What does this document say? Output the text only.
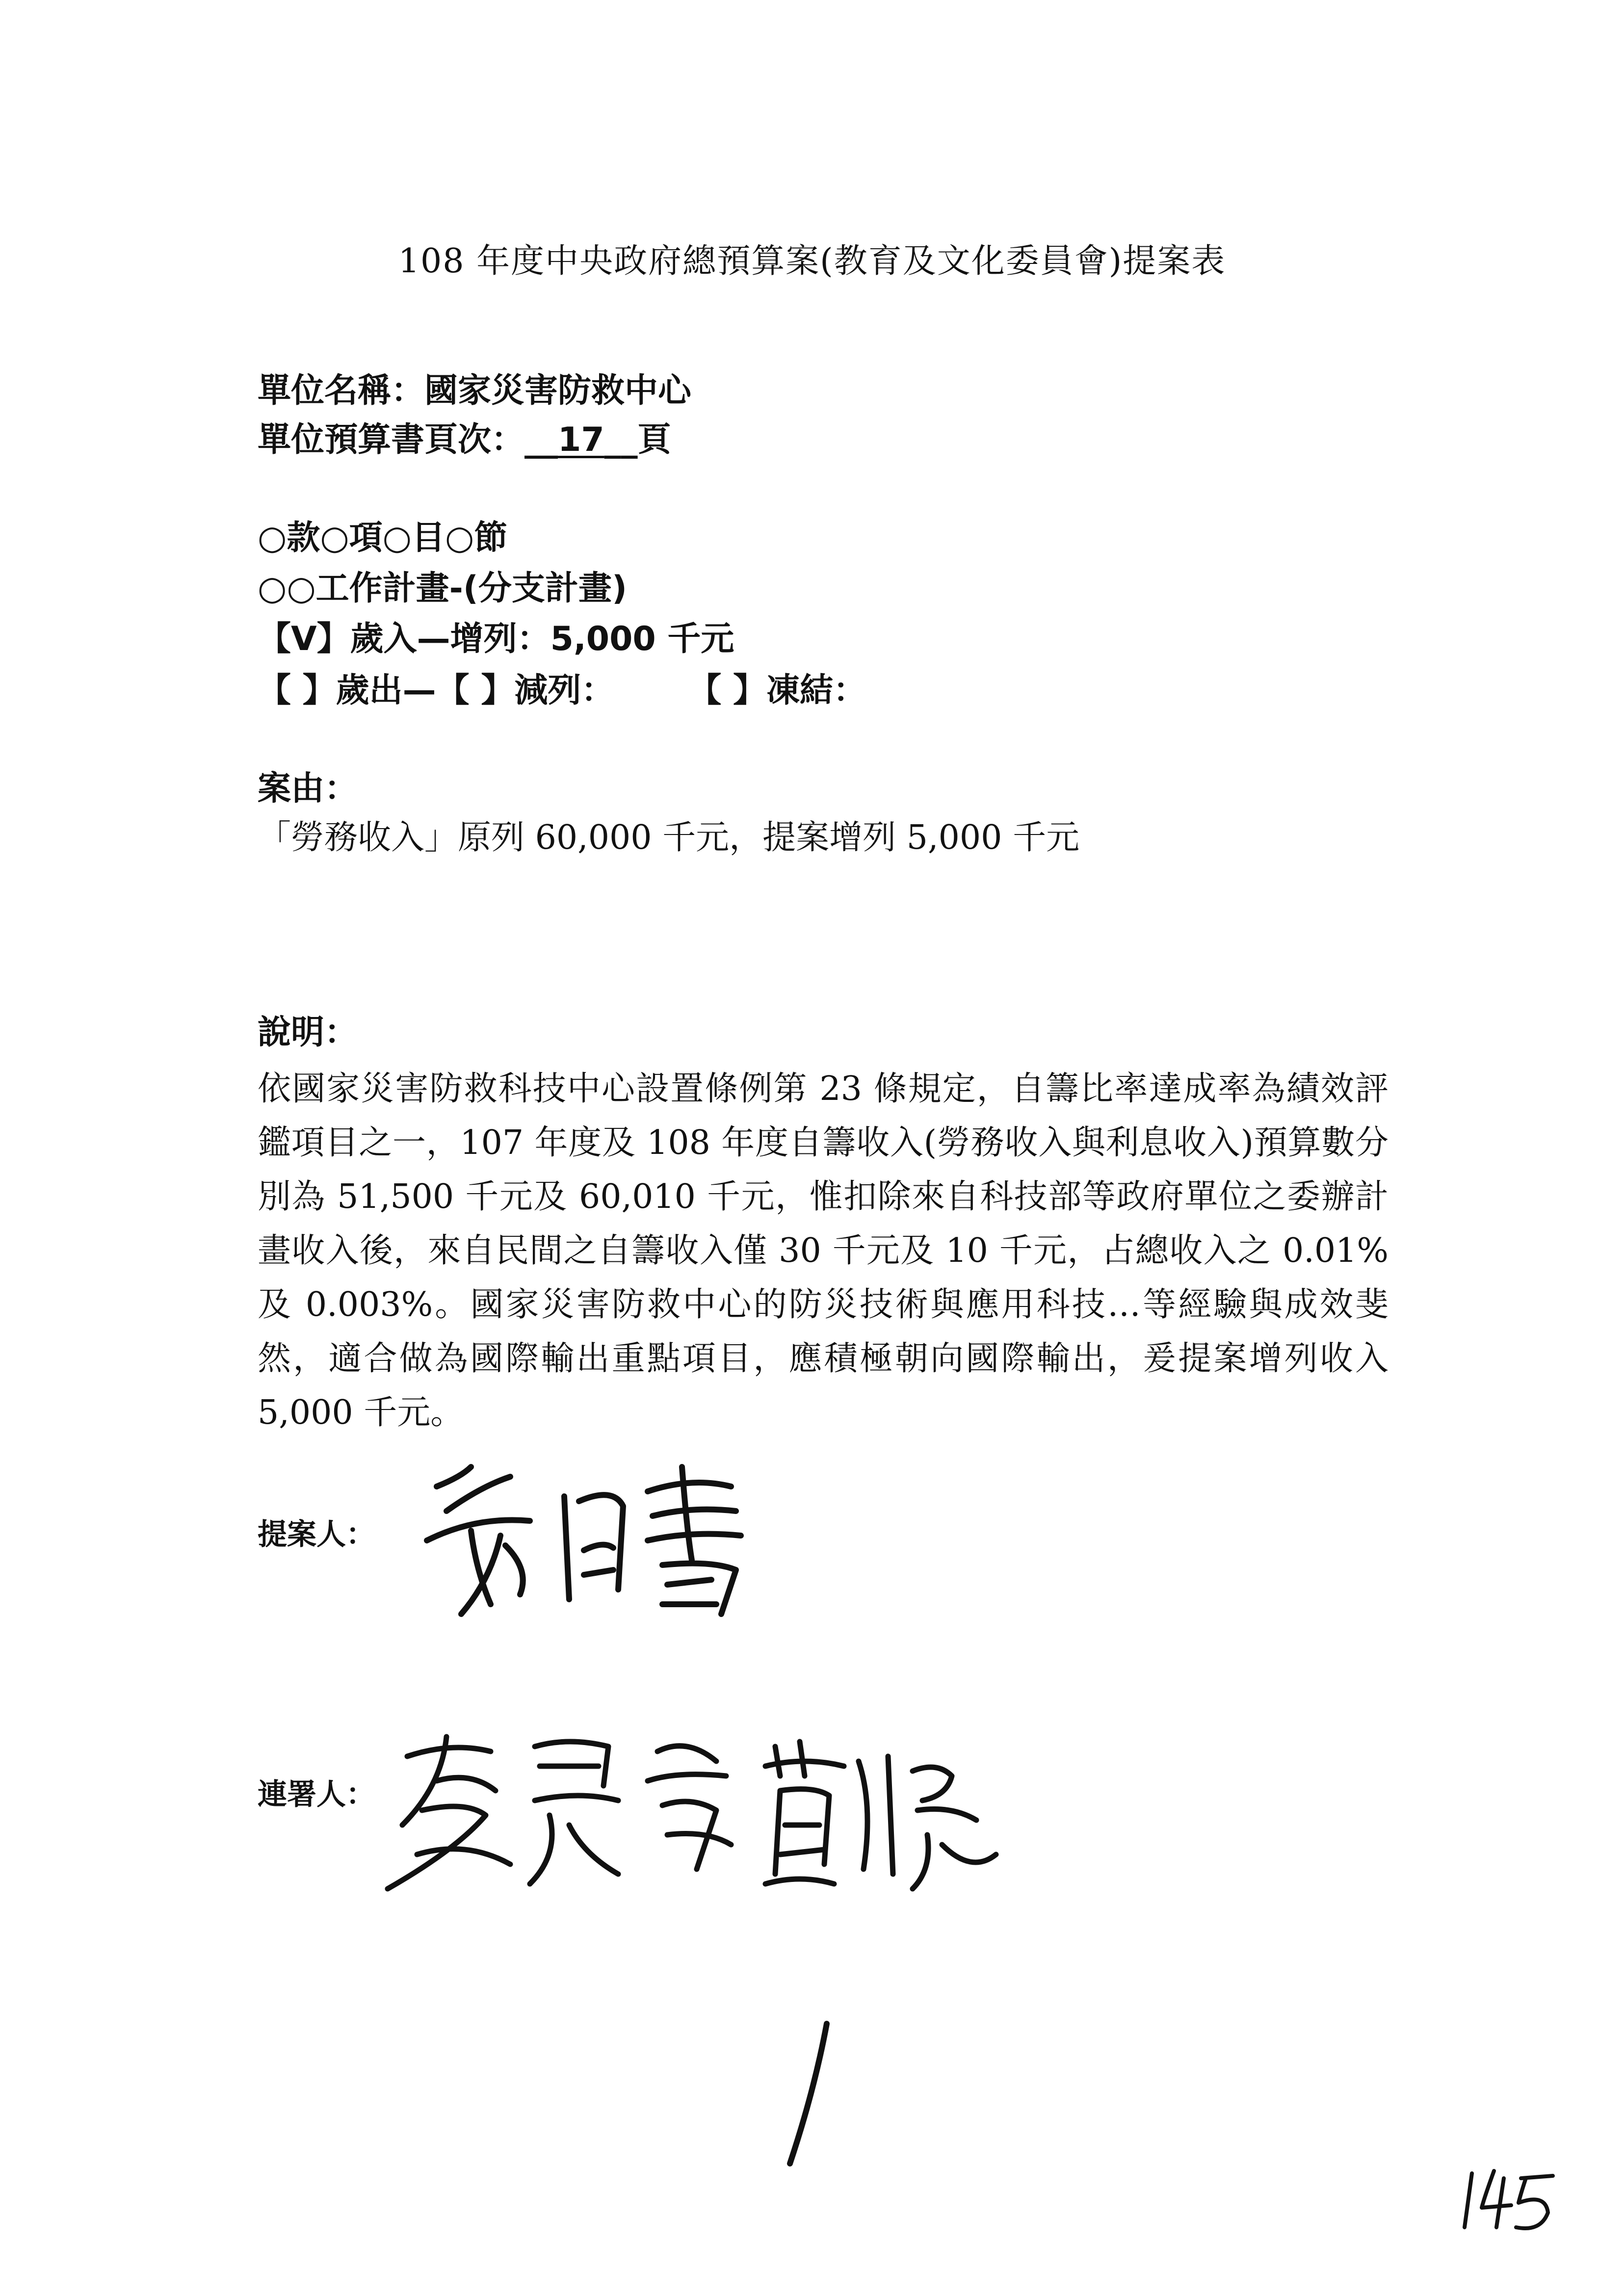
108 年度中央政府總預算案(教育及文化委員會)提案表
單位名稱：國家災害防救中心
單位預算書頁次：__17__頁
○款○項○目○節
○○工作計畫-(分支計畫)
【V】歲入—增列：5,000 千元
【 】歲出—【 】減列： 【 】凍結：
案由：
「勞務收入」原列 60,000 千元，提案增列 5,000 千元
說明：
依國家災害防救科技中心設置條例第 23 條規定，自籌比率達成率為績效評鑑項目之一，107 年度及 108 年度自籌收入(勞務收入與利息收入)預算數分別為 51,500 千元及 60,010 千元，惟扣除來自科技部等政府單位之委辦計畫收入後，來自民間之自籌收入僅 30 千元及 10 千元，占總收入之 0.01%及 0.003%。國家災害防救中心的防災技術與應用科技…等經驗與成效斐然，適合做為國際輸出重點項目，應積極朝向國際輸出，爰提案增列收入 5,000 千元。
提案人：
連署人：
